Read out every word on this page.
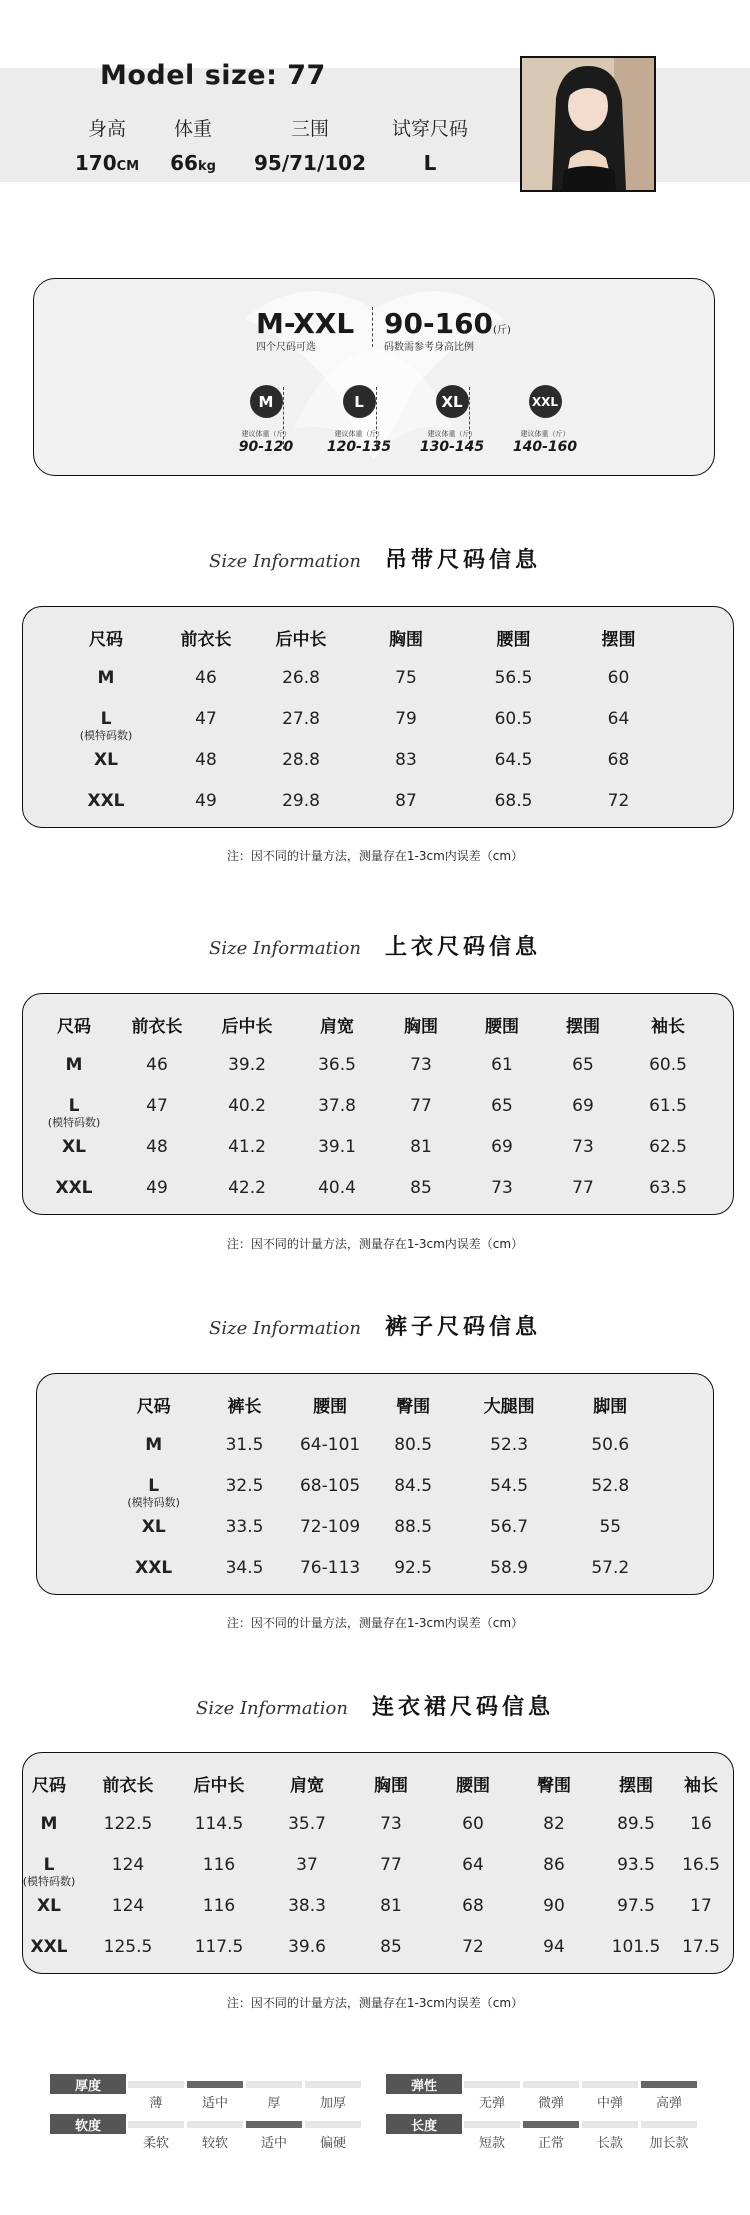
Model size: 77
身高
170CM
体重
66kg
三围
95/71/102
试穿尺码
L
M-XXL
四个尺码可选
90-160(斤)
码数需参考身高比例
M	L	XL	XXL
建议体重（斤）	建议体重（斤）	建议体重（斤）	建议体重（斤）
90-120	120-135	130-145	140-160
Size Information 吊带尺码信息
尺码	前衣长	后中长	胸围	腰围	摆围
M	46	26.8	75	56.5	60
L
(模特码数)	47	27.8	79	60.5	64
XL	48	28.8	83	64.5	68
XXL	49	29.8	87	68.5	72
注：因不同的计量方法，测量存在1-3cm内误差（cm）
Size Information 上衣尺码信息
尺码	前衣长	后中长	肩宽	胸围	腰围	摆围	袖长
M	46	39.2	36.5	73	61	65	60.5
L
(模特码数)	47	40.2	37.8	77	65	69	61.5
XL	48	41.2	39.1	81	69	73	62.5
XXL	49	42.2	40.4	85	73	77	63.5
注：因不同的计量方法，测量存在1-3cm内误差（cm）
Size Information 裤子尺码信息
尺码	裤长	腰围	臀围	大腿围	脚围
M	31.5	64-101	80.5	52.3	50.6
L
(模特码数)	32.5	68-105	84.5	54.5	52.8
XL	33.5	72-109	88.5	56.7	55
XXL	34.5	76-113	92.5	58.9	57.2
注：因不同的计量方法，测量存在1-3cm内误差（cm）
Size Information 连衣裙尺码信息
尺码	前衣长	后中长	肩宽	胸围	腰围	臀围	摆围	袖长
M	122.5	114.5	35.7	73	60	82	89.5	16
L
(模特码数)	124	116	37	77	64	86	93.5	16.5
XL	124	116	38.3	81	68	90	97.5	17
XXL	125.5	117.5	39.6	85	72	94	101.5	17.5
注：因不同的计量方法，测量存在1-3cm内误差（cm）
厚度
薄	适中	厚	加厚
弹性
无弹	微弹	中弹	高弹
软度
柔软	较软	适中	偏硬
长度
短款	正常	长款	加长款
